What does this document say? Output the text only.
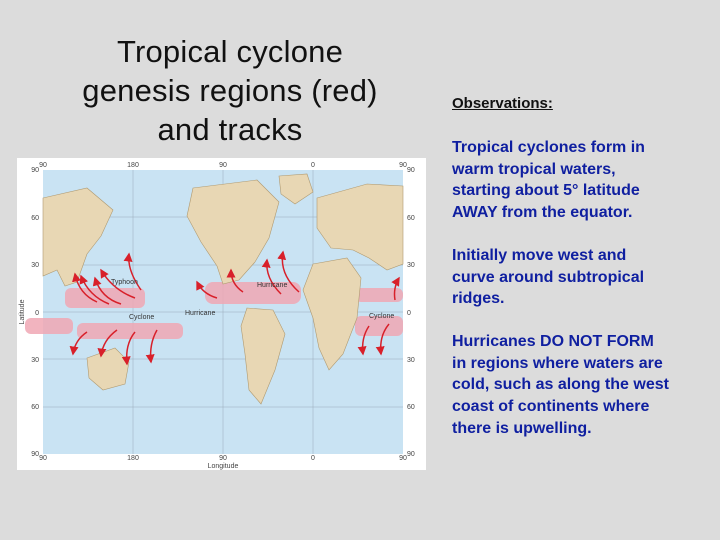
Tropical cyclone
genesis regions (red)
and tracks
Typhoon	Hurricane
Hurricane
Cyclone	Cyclone
90	180	90	0	90
90	180	90	0	90
Longitude
90
60
30
0
30
60
90
Latitude
90
60
30
0
30
60
90
Observations:

Tropical cyclones form in
warm tropical waters,
starting about 5° latitude
AWAY from the equator.

Initially move west and
curve around subtropical
ridges.

Hurricanes DO NOT FORM
in regions where waters are
cold, such as along the west
coast of continents where
there is upwelling.
